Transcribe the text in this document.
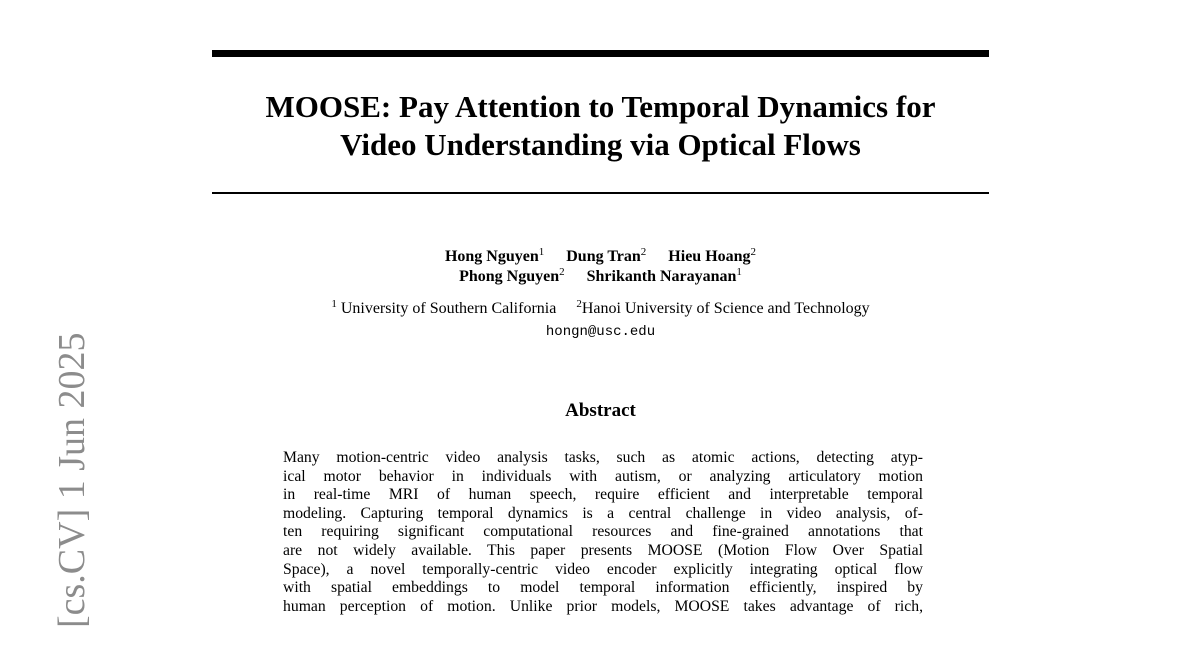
MOOSE: Pay Attention to Temporal Dynamics for
Video Understanding via Optical Flows
Hong Nguyen$^1$ Dung Tran$^2$ Hieu Hoang$^2$
Phong Nguyen$^2$ Shrikanth Narayanan$^1$
$^1$ University of Southern California $^2$Hanoi University of Science and Technology
hongn@usc.edu
Abstract
Many motion-centric video analysis tasks, such as atomic actions, detecting atyp-
ical motor behavior in individuals with autism, or analyzing articulatory motion
in real-time MRI of human speech, require efficient and interpretable temporal
modeling. Capturing temporal dynamics is a central challenge in video analysis, of-
ten requiring significant computational resources and fine-grained annotations that
are not widely available. This paper presents MOOSE (Motion Flow Over Spatial
Space), a novel temporally-centric video encoder explicitly integrating optical flow
with spatial embeddings to model temporal information efficiently, inspired by
human perception of motion. Unlike prior models, MOOSE takes advantage of rich,
[cs.CV] 1 Jun 2025
